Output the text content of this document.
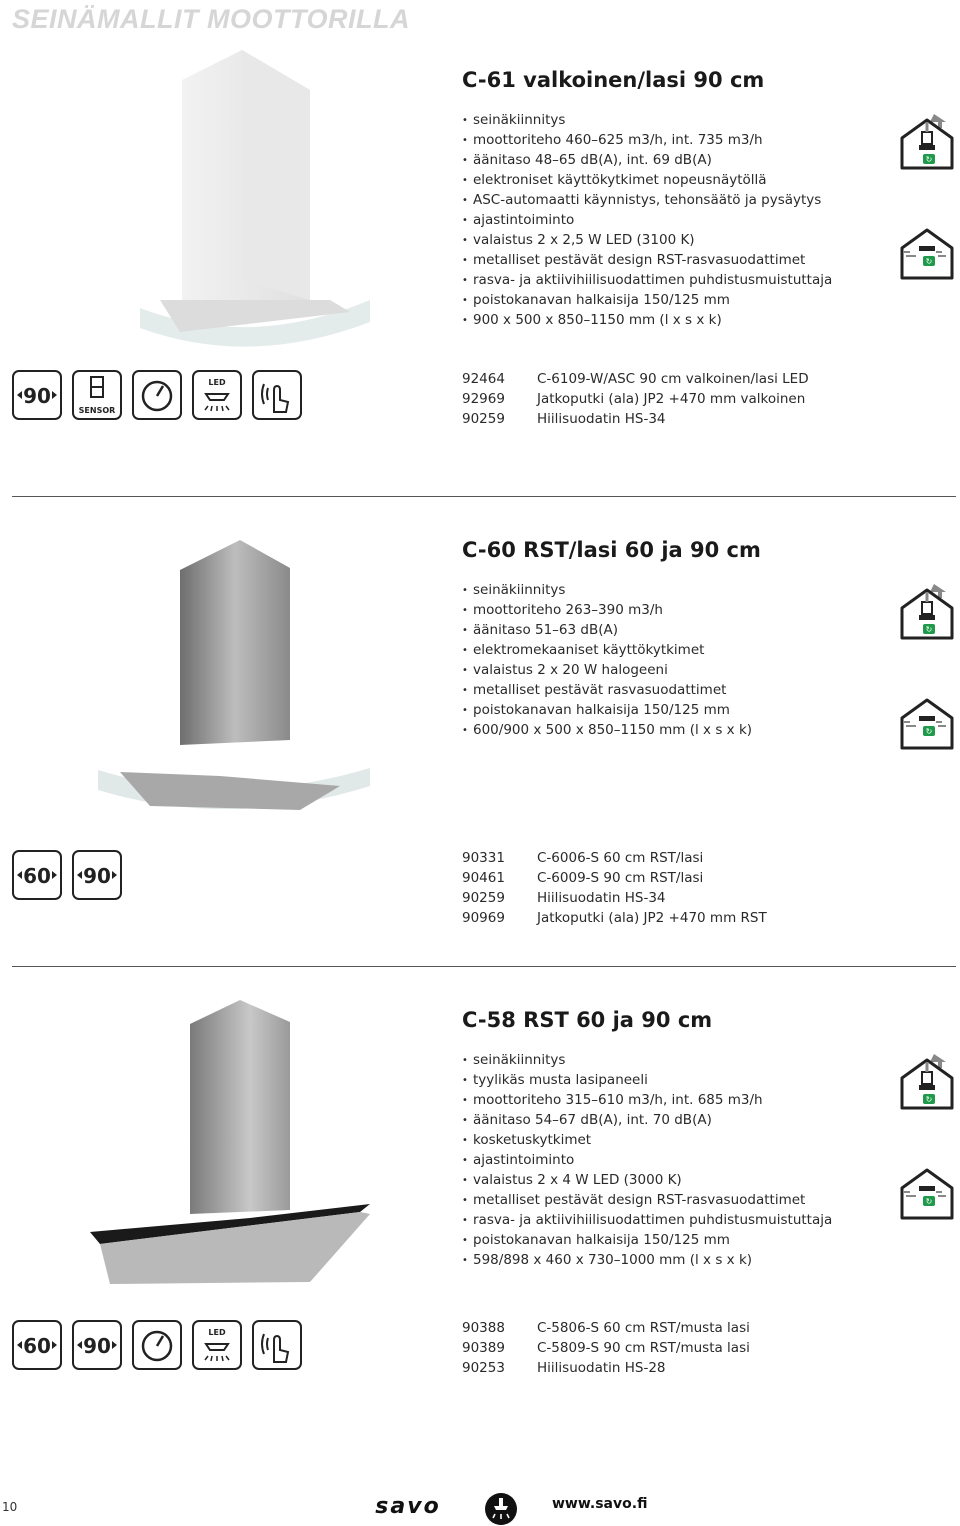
SEINÄMALLIT MOOTTORILLA
C-61 valkoinen/lasi 90 cm
• seinäkiinnitys
• moottoriteho 460–625 m3/h, int. 735 m3/h
• äänitaso 48–65 dB(A), int. 69 dB(A)
• elektroniset käyttökytkimet nopeusnäytöllä
• ASC-automaatti käynnistys, tehonsäätö ja pysäytys
• ajastintoiminto
• valaistus 2 x 2,5 W LED (3100 K)
• metalliset pestävät design RST-rasvasuodattimet
• rasva- ja aktiivihiilisuodattimen puhdistusmuistuttaja
• poistokanavan halkaisija 150/125 mm
• 900 x 500 x 850–1150 mm (l x s x k)
90
SENSOR
LED	92464	C-6109-W/ASC 90 cm valkoinen/lasi LED
92969	Jatkoputki (ala) JP2 +470 mm valkoinen
90259	Hiilisuodatin HS-34
C-60 RST/lasi 60 ja 90 cm
• seinäkiinnitys
• moottoriteho 263–390 m3/h
• äänitaso 51–63 dB(A)
• elektromekaaniset käyttökytkimet
• valaistus 2 x 20 W halogeeni
• metalliset pestävät rasvasuodattimet
• poistokanavan halkaisija 150/125 mm
• 600/900 x 500 x 850–1150 mm (l x s x k)
60 90
90331	C-6006-S 60 cm RST/lasi
90461	C-6009-S 90 cm RST/lasi
90259	Hiilisuodatin HS-34
90969	Jatkoputki (ala) JP2 +470 mm RST
C-58 RST 60 ja 90 cm
• seinäkiinnitys
• tyylikäs musta lasipaneeli
• moottoriteho 315–610 m3/h, int. 685 m3/h
• äänitaso 54–67 dB(A), int. 70 dB(A)
• kosketuskytkimet
• ajastintoiminto
• valaistus 2 x 4 W LED (3000 K)
• metalliset pestävät design RST-rasvasuodattimet
• rasva- ja aktiivihiilisuodattimen puhdistusmuistuttaja
• poistokanavan halkaisija 150/125 mm
• 598/898 x 460 x 730–1000 mm (l x s x k)
60 90
LED	90388	C-5806-S 60 cm RST/musta lasi
90389	C-5809-S 90 cm RST/musta lasi
90253	Hiilisuodatin HS-28
10	savo	www.savo.fi
